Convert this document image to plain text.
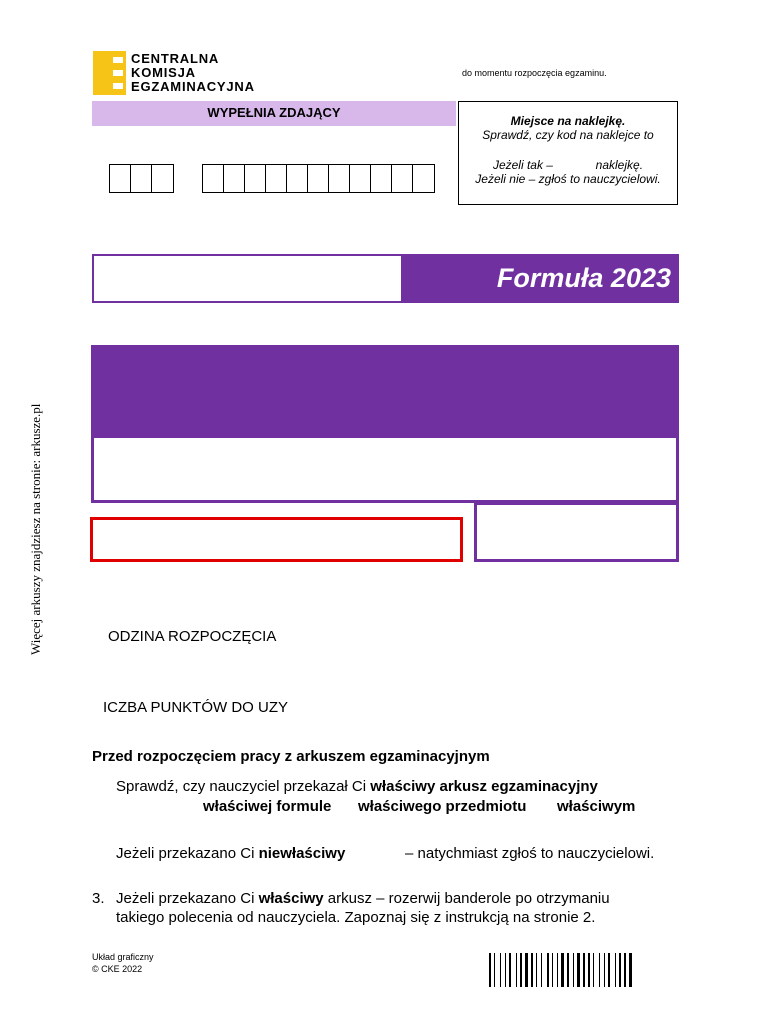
CENTRALNA
KOMISJA
EGZAMINACYJNA
do momentu rozpoczęcia egzaminu.
WYPEŁNIA ZDAJĄCY
Miejsce na naklejkę.
Sprawdź, czy kod na naklejce to
Jeżeli tak –	naklejkę.
Jeżeli nie – zgłoś to nauczycielowi.
Formuła 2023
Więcej arkuszy znajdziesz na stronie: arkusze.pl	ODZINA ROZPOCZĘCIA
ICZBA PUNKTÓW DO UZY
Przed rozpoczęciem pracy z arkuszem egzaminacyjnym
Sprawdź, czy nauczyciel przekazał Ci właściwy arkusz egzaminacyjny
właściwej formule właściwego przedmiotu właściwym
Jeżeli przekazano Ci niewłaściwy	– natychmiast zgłoś to nauczycielowi.
3. Jeżeli przekazano Ci właściwy arkusz – rozerwij banderole po otrzymaniu
takiego polecenia od nauczyciela. Zapoznaj się z instrukcją na stronie 2.
Układ graficzny
© CKE 2022
